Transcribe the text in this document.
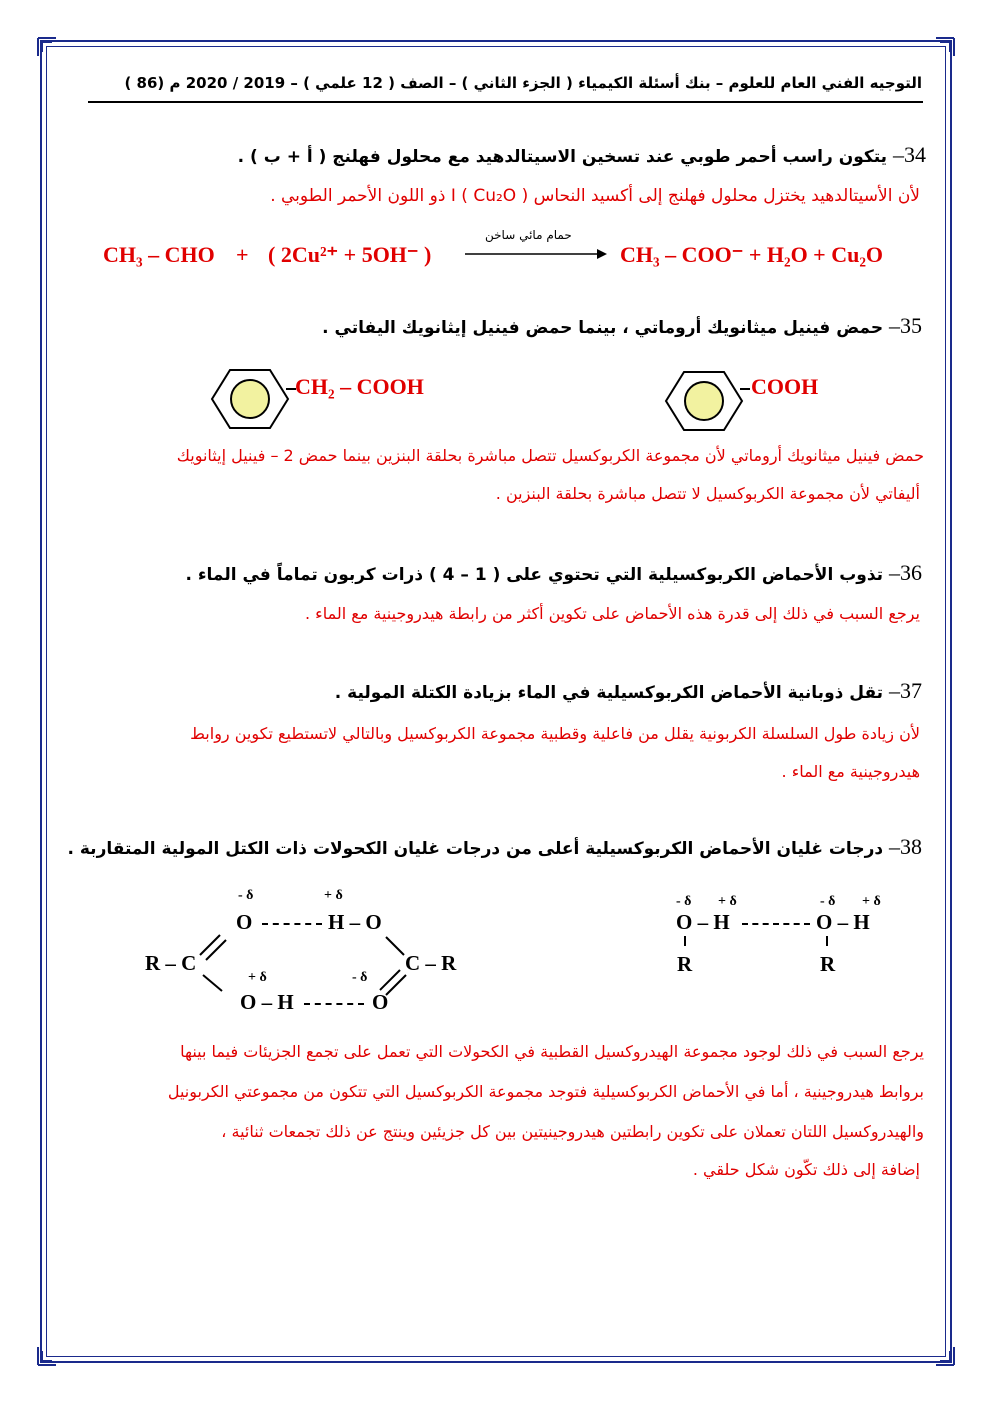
التوجيه الفني العام للعلوم – بنك أسئلة الكيمياء ( الجزء الثاني ) – الصف ( 12 علمي ) – 2019 / 2020 م (86 )
34– يتكون راسب أحمر طوبي عند تسخين الاسيتالدهيد مع محلول فهلنج ( أ + ب ) .
لأن الأسيتالدهيد يختزل محلول فهلنج إلى أكسيد النحاس I ( Cu₂O ) ذو اللون الأحمر الطوبي .
CH₃ – CHO + ( 2Cu²⁺ + 5OH⁻ )
حمام مائي ساخن
CH₃ – COO⁻ + H₂O + Cu₂O
35– حمض فينيل ميثانويك أروماتي ، بينما حمض فينيل إيثانويك اليفاتي .
CH₂ – COOH	COOH
حمض فينيل ميثانويك أروماتي لأن مجموعة الكربوكسيل تتصل مباشرة بحلقة البنزين بينما حمض 2 – فينيل إيثانويك
أليفاتي لأن مجموعة الكربوكسيل لا تتصل مباشرة بحلقة البنزين .
36– تذوب الأحماض الكربوكسيلية التي تحتوي على ( 1 – 4 ) ذرات كربون تماماً في الماء .
يرجع السبب في ذلك إلى قدرة هذه الأحماض على تكوين أكثر من رابطة هيدروجينية مع الماء .
37– تقل ذوبانية الأحماض الكربوكسيلية في الماء بزيادة الكتلة المولية .
لأن زيادة طول السلسلة الكربونية يقلل من فاعلية وقطبية مجموعة الكربوكسيل وبالتالي لاتستطيع تكوين روابط
هيدروجينية مع الماء .
38– درجات غليان الأحماض الكربوكسيلية أعلى من درجات غليان الكحولات ذات الكتل المولية المتقاربة .
- δ	+ δ
O	H – O
R – C	C – R
+ δ	- δ
O – H	O
- δ + δ	- δ + δ
O – H	O – H
R	R
يرجع السبب في ذلك لوجود مجموعة الهيدروكسيل القطبية في الكحولات التي تعمل على تجمع الجزيئات فيما بينها
بروابط هيدروجينية ، أما في الأحماض الكربوكسيلية فتوجد مجموعة الكربوكسيل التي تتكون من مجموعتي الكربونيل
والهيدروكسيل اللتان تعملان على تكوين رابطتين هيدروجينيتين بين كل جزيئين وينتج عن ذلك تجمعات ثنائية ،
إضافة إلى ذلك تكّون شكل حلقي .
